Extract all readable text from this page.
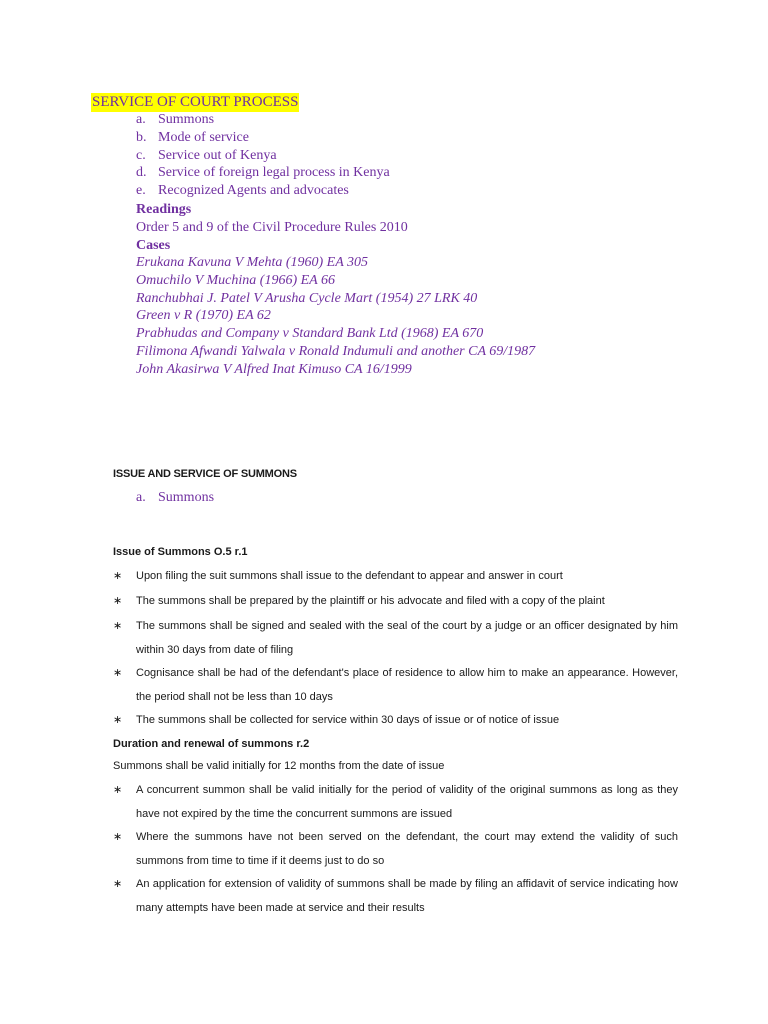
SERVICE OF COURT PROCESS
a. Summons
b. Mode of service
c. Service out of Kenya
d. Service of foreign legal process in Kenya
e. Recognized Agents and advocates
Readings
Order 5 and 9 of the Civil Procedure Rules 2010
Cases
Erukana Kavuna V Mehta (1960) EA 305
Omuchilo V Muchina (1966) EA 66
Ranchubhai J. Patel V Arusha Cycle Mart (1954) 27 LRK 40
Green v R (1970) EA 62
Prabhudas and Company v Standard Bank Ltd (1968) EA 670
Filimona Afwandi Yalwala v Ronald Indumuli and another CA 69/1987
John Akasirwa V Alfred Inat Kimuso CA 16/1999
ISSUE AND SERVICE OF SUMMONS
a. Summons
Issue of Summons O.5 r.1
∗ Upon filing the suit summons shall issue to the defendant to appear and answer in court
∗ The summons shall be prepared by the plaintiff or his advocate and filed with a copy of the plaint
∗ The summons shall be signed and sealed with the seal of the court by a judge or an officer designated by him within 30 days from date of filing
∗ Cognisance shall be had of the defendant's place of residence to allow him to make an appearance. However, the period shall not be less than 10 days
∗ The summons shall be collected for service within 30 days of issue or of notice of issue
Duration and renewal of summons r.2
Summons shall be valid initially for 12 months from the date of issue
∗ A concurrent summon shall be valid initially for the period of validity of the original summons as long as they have not expired by the time the concurrent summons are issued
∗ Where the summons have not been served on the defendant, the court may extend the validity of such summons from time to time if it deems just to do so
∗ An application for extension of validity of summons shall be made by filing an affidavit of service indicating how many attempts have been made at service and their results
